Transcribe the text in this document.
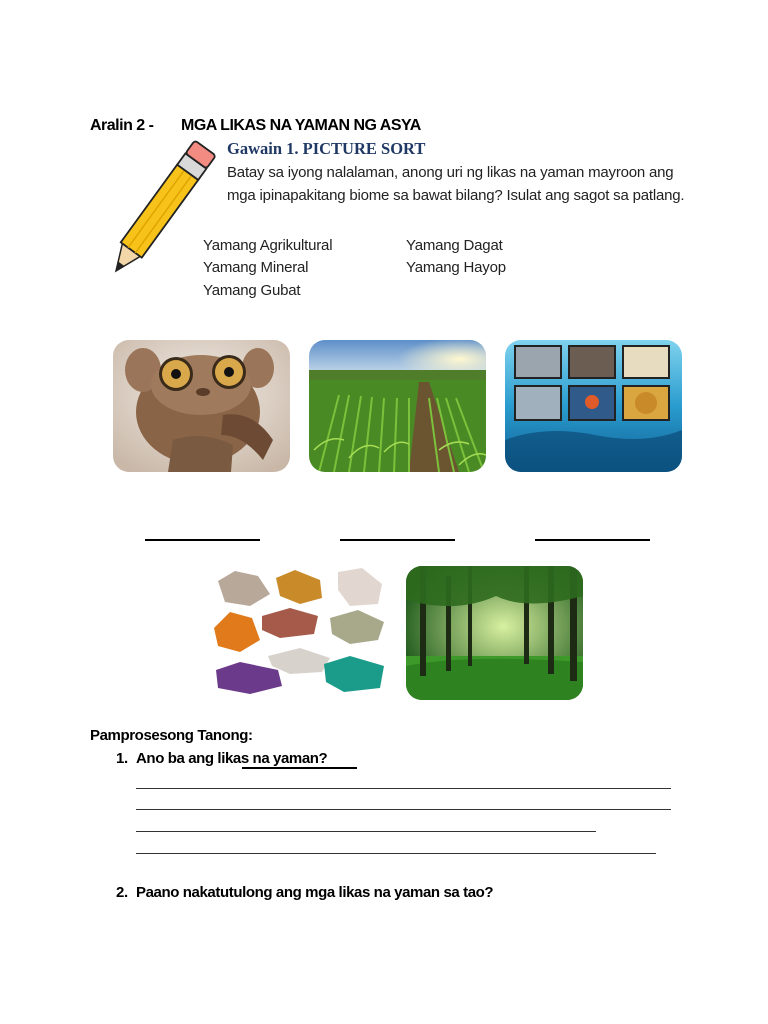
Aralin 2 - MGA LIKAS NA YAMAN NG ASYA
Gawain 1. PICTURE SORT
Batay sa iyong nalalaman, anong uri ng likas na yaman mayroon ang mga ipinapakitang biome sa bawat bilang? Isulat ang sagot sa patlang.
Yamang Agrikultural
Yamang Mineral
Yamang Gubat
Yamang Dagat
Yamang Hayop
Pamprosesong Tanong:
1. Ano ba ang likas na yaman?
2. Paano nakatutulong ang mga likas na yaman sa tao?
